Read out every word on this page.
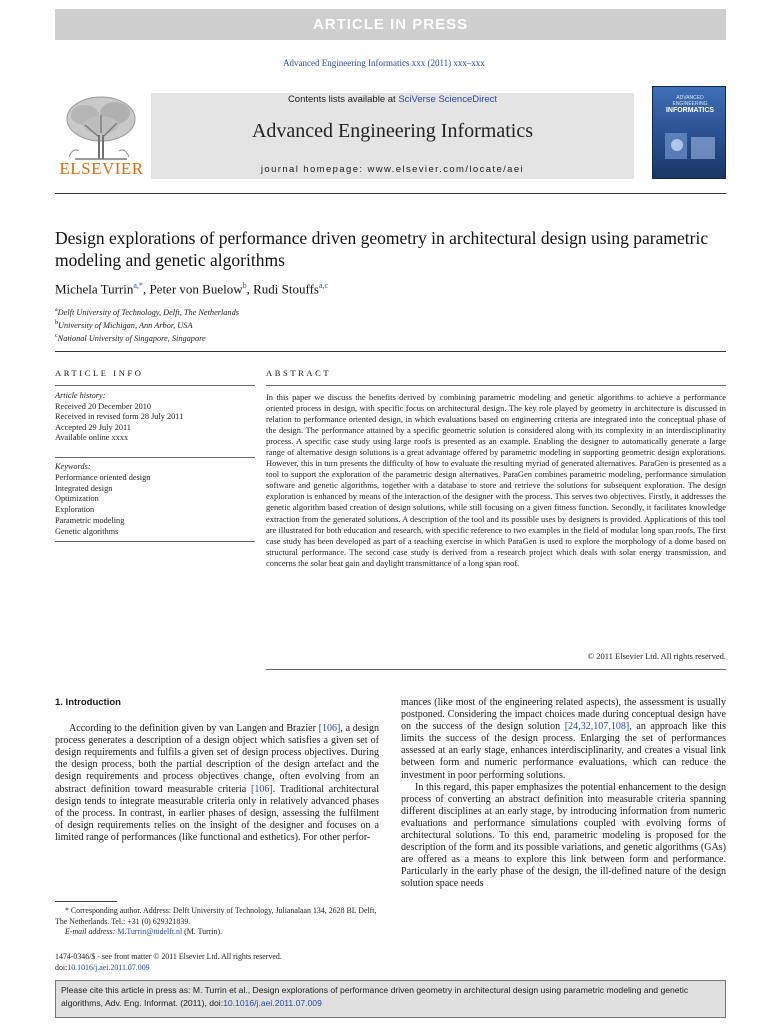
ARTICLE IN PRESS
Advanced Engineering Informatics xxx (2011) xxx–xxx
ELSEVIER
Contents lists available at SciVerse ScienceDirect
Advanced Engineering Informatics
journal homepage: www.elsevier.com/locate/aei
ADVANCED ENGINEERING
INFORMATICS
Design explorations of performance driven geometry in architectural design using parametric modeling and genetic algorithms
Michela Turrin$^{a,*}$, Peter von Buelow$^b$, Rudi Stouffs$^{a,c}$
$^a$Delft University of Technology, Delft, The Netherlands
$^b$University of Michigan, Ann Arbor, USA
$^c$National University of Singapore, Singapore
ARTICLE INFO	ABSTRACT
Article history:
Received 20 December 2010
Received in revised form 28 July 2011
Accepted 29 July 2011
Available online xxxx
Keywords:
Performance oriented design
Integrated design
Optimization
Exploration
Parametric modeling
Genetic algorithms
In this paper we discuss the benefits derived by combining parametric modeling and genetic algorithms to achieve a performance oriented process in design, with specific focus on architectural design. The key role played by geometry in architecture is discussed in relation to performance oriented design, in which evaluations based on engineering criteria are integrated into the conceptual phase of the design. The performance attained by a specific geometric solution is considered along with its complexity in an interdisciplinarity process. A specific case study using large roofs is presented as an example. Enabling the designer to automatically generate a large range of alternative design solutions is a great advantage offered by parametric modeling in supporting geometric design explorations. However, this in turn presents the difficulty of how to evaluate the resulting myriad of generated alternatives. ParaGen is presented as a tool to support the exploration of the parametric design alternatives. ParaGen combines parametric modeling, performance simulation software and genetic algorithms, together with a database to store and retrieve the solutions for subsequent exploration. The design exploration is enhanced by means of the interaction of the designer with the process. This serves two objectives. Firstly, it addresses the genetic algorithm based creation of design solutions, while still focusing on a given fitness function. Secondly, it facilitates knowledge extraction from the generated solutions. A description of the tool and its possible uses by designers is provided. Applications of this tool are illustrated for both education and research, with specific reference to two examples in the field of modular long span roofs. The first case study has been developed as part of a teaching exercise in which ParaGen is used to explore the morphology of a dome based on structural performance. The second case study is derived from a research project which deals with solar energy transmission, and concerns the solar heat gain and daylight transmittance of a long span roof.
© 2011 Elsevier Ltd. All rights reserved.
1. Introduction

According to the definition given by van Langen and Brazier [106], a design process generates a description of a design object which satisfies a given set of design requirements and fulfils a given set of design process objectives. During the design process, both the partial description of the design artefact and the design requirements and process objectives change, often evolving from an abstract definition toward measurable criteria [106]. Traditional architectural design tends to integrate measurable criteria only in relatively advanced phases of the process. In contrast, in earlier phases of design, assessing the fulfilment of design requirements relies on the insight of the designer and focuses on a limited range of performances (like functional and esthetics). For other perfor-

mances (like most of the engineering related aspects), the assessment is usually postponed. Considering the impact choices made during conceptual design have on the success of the design solution [24,32,107,108], an approach like this limits the success of the design process. Enlarging the set of performances assessed at an early stage, enhances interdisciplinarity, and creates a visual link between form and numeric performance evaluations, which can reduce the investment in poor performing solutions.

In this regard, this paper emphasizes the potential enhancement to the design process of converting an abstract definition into measurable criteria spanning different disciplines at an early stage, by introducing information from numeric evaluations and performance simulations coupled with evolving forms of architectural solutions. To this end, parametric modeling is proposed for the description of the form and its possible variations, and genetic algorithms (GAs) are offered as a means to explore this link between form and performance. Particularly in the early phase of the design, the ill-defined nature of the design solution space needs

* Corresponding author. Address: Delft University of Technology, Julianalaan 134, 2628 BL Delft, The Netherlands. Tel.: +31 (0) 629321839.
E-mail address: M.Turrin@tudelft.nl (M. Turrin).
1474-0346/$ - see front matter © 2011 Elsevier Ltd. All rights reserved.
doi:10.1016/j.aei.2011.07.009
Please cite this article in press as: M. Turrin et al., Design explorations of performance driven geometry in architectural design using parametric modeling and genetic algorithms, Adv. Eng. Informat. (2011), doi:10.1016/j.aei.2011.07.009
